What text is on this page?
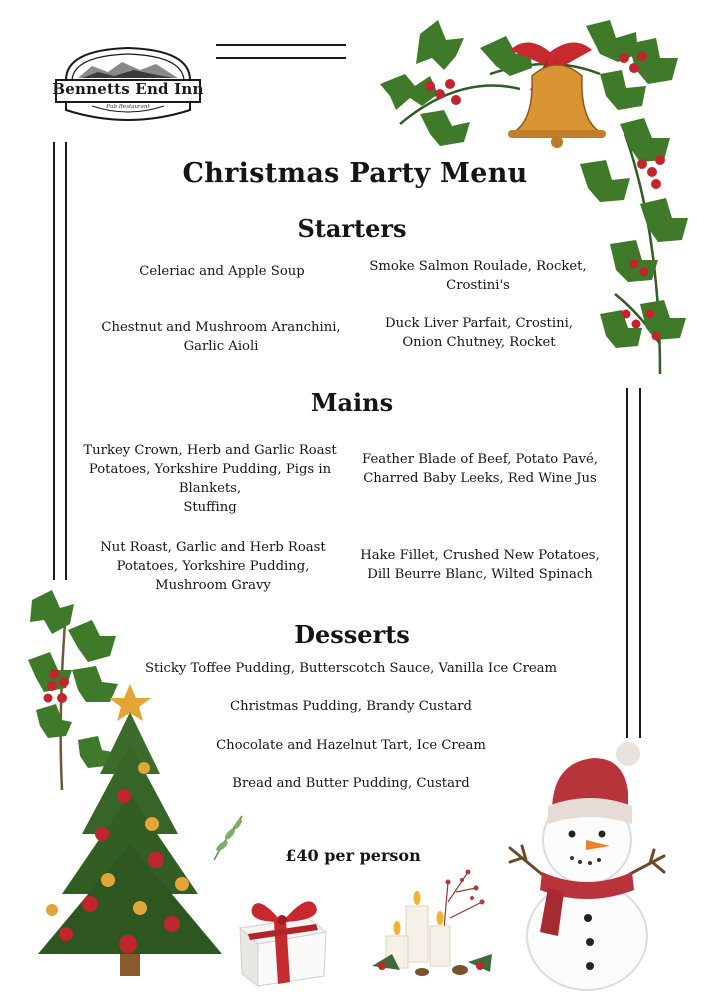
Bennetts End Inn
Pub Restaurant
Christmas Party Menu
Starters
Celeriac and Apple Soup	Smoke Salmon Roulade, Rocket, Crostini's
Chestnut and Mushroom Aranchini, Garlic Aioli
Duck Liver Parfait, Crostini, Onion Chutney, Rocket
Mains
Turkey Crown, Herb and Garlic Roast Potatoes, Yorkshire Pudding, Pigs in Blankets,
Stuffing
Feather Blade of Beef, Potato Pavé, Charred Baby Leeks, Red Wine Jus
Nut Roast, Garlic and Herb Roast Potatoes, Yorkshire Pudding, Mushroom Gravy
Hake Fillet, Crushed New Potatoes, Dill Beurre Blanc, Wilted Spinach
Desserts
Sticky Toffee Pudding, Butterscotch Sauce, Vanilla Ice Cream
Christmas Pudding, Brandy Custard
Chocolate and Hazelnut Tart, Ice Cream
Bread and Butter Pudding, Custard
£40 per person
